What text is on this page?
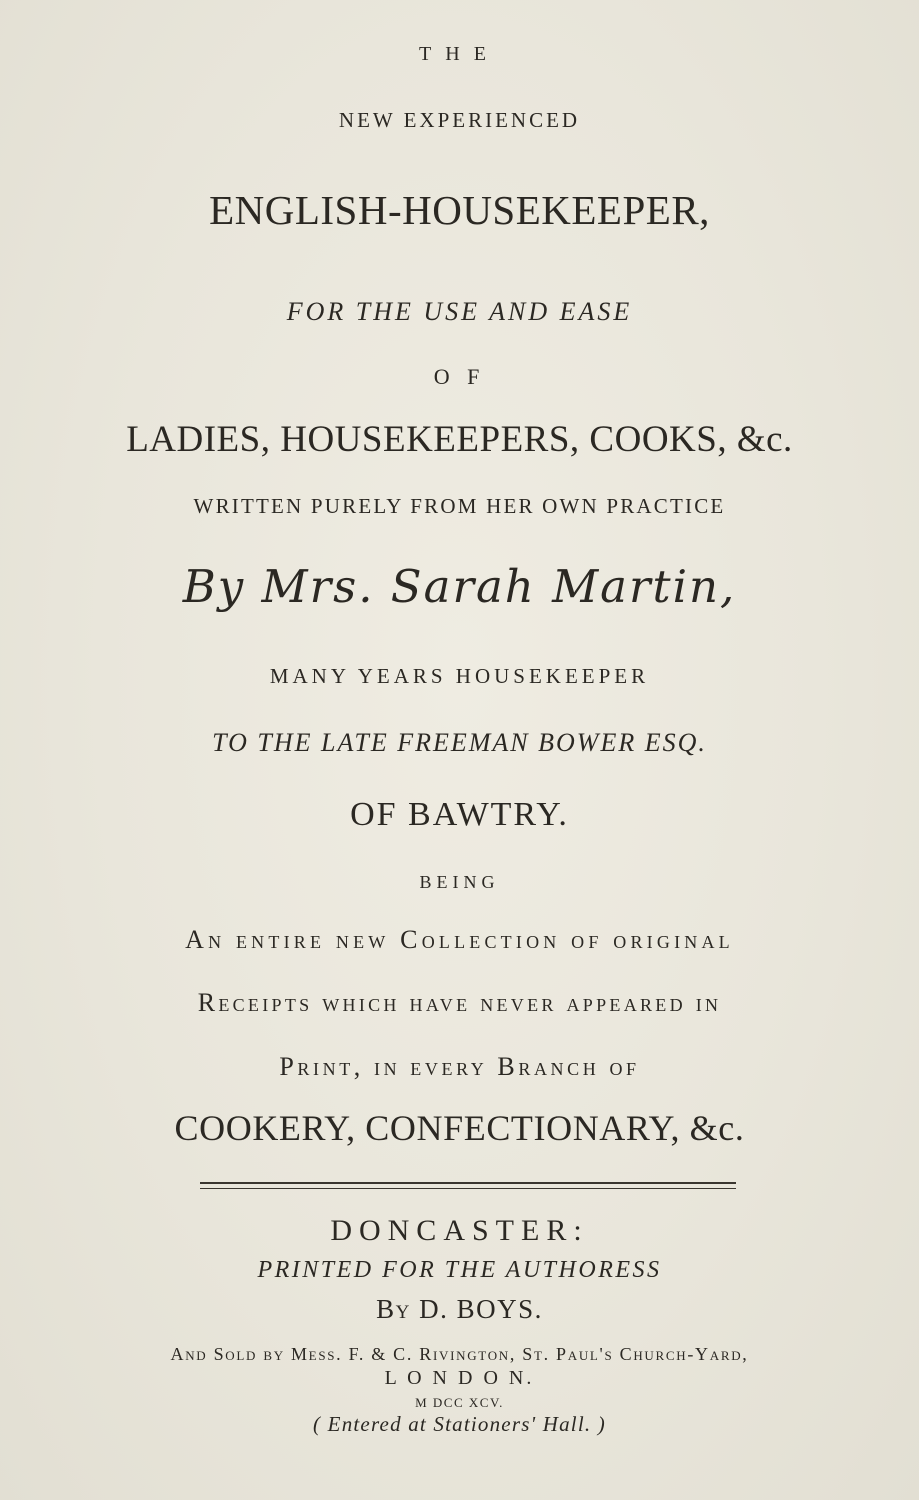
THE
NEW EXPERIENCED
ENGLISH-HOUSEKEEPER,
FOR THE USE AND EASE
O F
LADIES, HOUSEKEEPERS, COOKS, &c.
WRITTEN PURELY FROM HER OWN PRACTICE
By Mrs. Sarah Martin,
MANY YEARS HOUSEKEEPER
TO THE LATE FREEMAN BOWER ESQ.
OF BAWTRY.
BEING
An entire new Collection of original
Receipts which have never appeared in
Print, in every Branch of
COOKERY, CONFECTIONARY, &c.
DONCASTER:
PRINTED FOR THE AUTHORESS
By D. BOYS.
And Sold by Mess. F. & C. Rivington, St. Paul's Church-Yard,
L O N D O N.
M DCC XCV.
( Entered at Stationers' Hall. )
